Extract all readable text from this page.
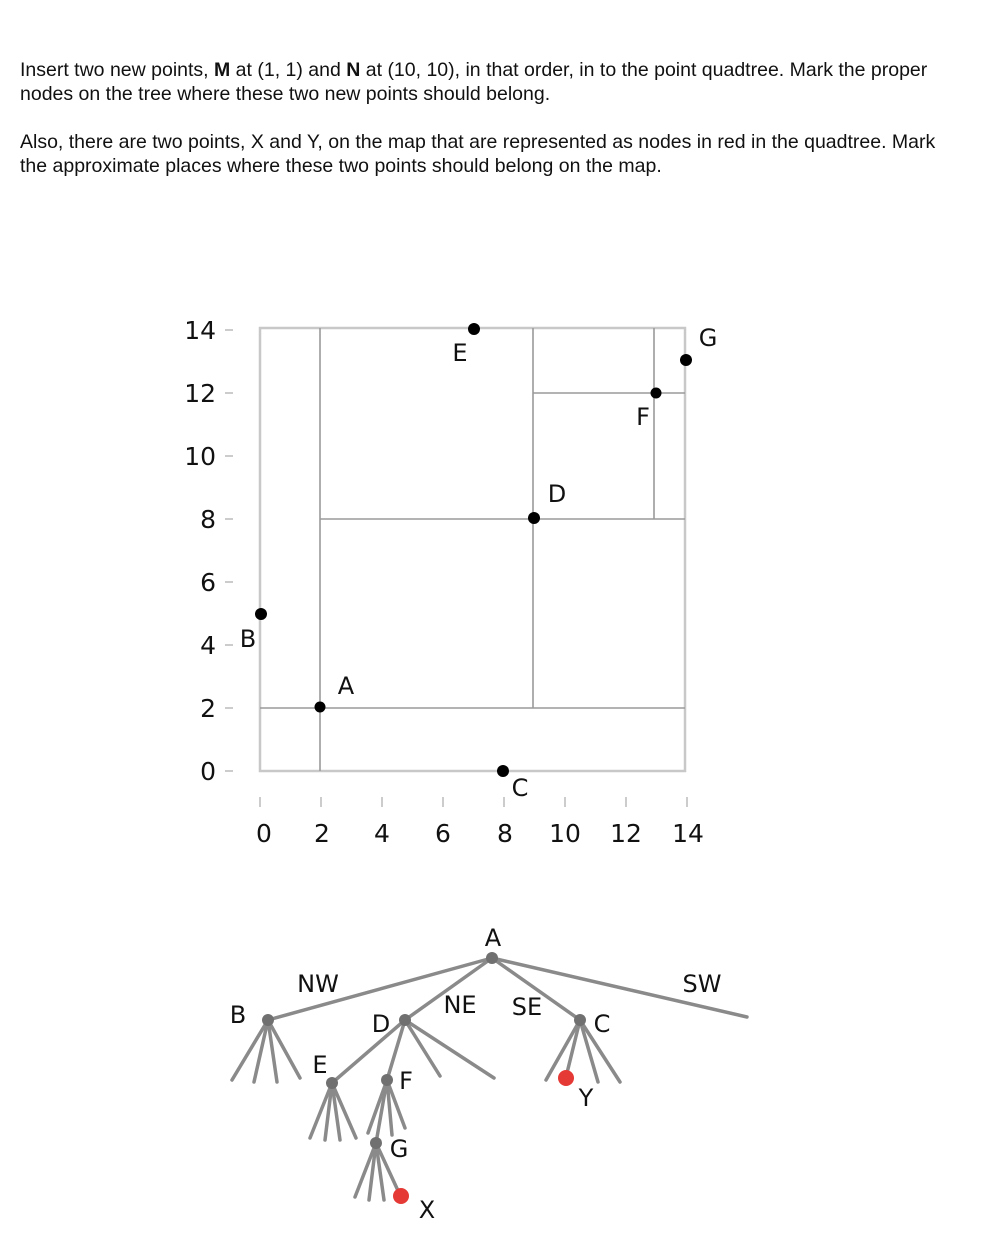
Insert two new points, M at (1, 1) and N at (10, 10), in that order, in to the point quadtree. Mark the proper nodes on the tree where these two new points should belong.

Also, there are two points, X and Y, on the map that are represented as nodes in red in the quadtree. Mark the approximate places where these two points should belong on the map.

14
12
10
8
6
4
2
0
0 2 4 6 8 10 12 14
A
B
C
D
E
F
G
A
NW
NE SE
SW
B	D	C
E
F
G
X
Y
